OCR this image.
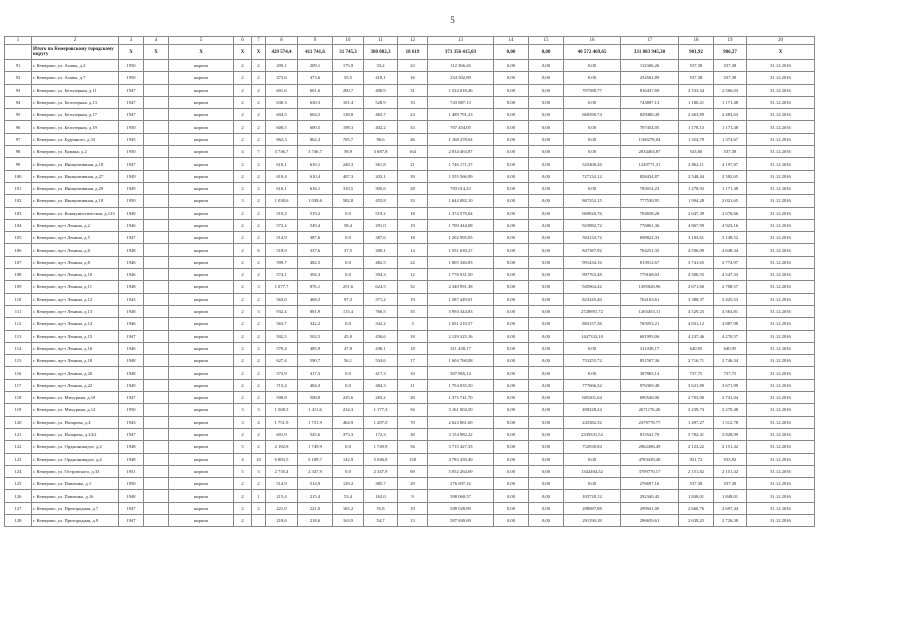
5
1	2	3	4	5	6	7	8	9	10	11	12	13	14	15	16	17	18	19	20
	Итого по Кемеровскому городскому округу	X	X	X	X	X	429 574,4	411 741,6	31 745,3	380 082,3	18 619	371 356 415,03	0,00	0,00	40 572 469,65	331 083 945,38	901,92	986,27	X
91	г. Кемерово, ул. Ахавы, д.2	1950		кирпич	2	2	209,1	209,1	175,9	33,2	23	112 366,26	0,00	0,00	0,00	112366,26	537,38	537,38	31.12.2016
92	г. Кемерово, ул. Ахавы, д.7	1950		кирпич	2	2	473,6	473,6	55,5	418,1	16	254 502,89	0,00	0,00	0,00	254502,89	537,38	537,38	31.12.2016
93	г. Кемерово, ул. Белозерная, д.11	1947		кирпич	2	2	601,6	601,6	200,7	400,9	31	1 524 018,46	0,00	0,00	707580,77	816437,69	2 533,34	2 566,03	31.12.2016
94	г. Кемерово, ул. Белозерная, д.13	1947		кирпич	2	2	630,3	630,3	101,4	528,9	33	743 887,13	0,00	0,00	0,00	743887,13	1 180,21	1 171,48	31.12.2016
95	г. Кемерово, ул. Белозерная, д.17	1947		кирпич	2	2	604,5	604,5	138,8	465,7	24	1 489 791,23	0,00	0,00	660390,74	829400,49	2 463,89	2 483,63	31.12.2016
96	г. Кемерово, ул. Белозерная, д.19	1950		кирпич	2	2	600,5	600,5	198,3	402,2	33	707 454,05	0,00	0,00	0,00	707454,05	1 178,13	1 171,48	31.12.2016
97	г. Кемерово, ул. Буденного, д.33	1945		кирпич	2	2	862,3	862,3	765,7	96,6	46	1 168 278,04	0,00	0,00	0,00	1168278,04	1 354,79	1 374,67	31.12.2016
98	г. Кемерово, ул. Ермака, д.2	1950		кирпич	4	7	3 746,7	3 746,7	58,9	3 687,8	164	2 034 463,87	0,00	0,00	0,00	2034463,87	543,00	537,38	31.12.2016
99	г. Кемерово, ул. Инициативная, д.18	1947		кирпич	2	2	610,1	610,1	248,3	361,8	21	1 746 171,37	0,00	0,00	525400,26	1220771,31	2 862,11	4 197,87	31.12.2016
100	г. Кемерово, ул. Инициативная, д.27	1949		кирпич	2	2	610,4	610,4	407,3	203,1	39	1 555 566,99	0,00	0,00	727132,12	828434,87	2 548,44	2 582,65	31.12.2016
101	г. Кемерово, ул. Инициативная, д.29	1949		кирпич	2	2	616,1	616,1	310,5	305,6	28	783 014,23	0,00	0,00	0,00	783014,23	1 270,92	1 171,48	31.12.2016
102	г. Кемерово, ул. Инициативная, д.18	1950		кирпич	3	2	1 038,6	1 038,6	582,8	455,8	33	1 644 882,10	0,00	0,00	867352,15	777530,95	1 904,28	2 021,65	31.12.2016
103	г. Кемерово, ул. Коммунистическая, д.133	1949		кирпич	2	2	519,2	519,2	0,0	519,2	18	1 374 579,04	0,00	0,00	669920,76	704658,28	2 647,49	2 676,66	31.12.2016
104	г. Кемерово, пр-т Ленина, д.2	1946		кирпич	2	2	572,4	549,4	58,4	291,0	19	1 700 444,08	0,00	0,00	923982,72	776861,36	4 867,99	4 923,16	31.12.2016
105	г. Кемерово, пр-т Ленина, д.5	1947		кирпич	2	2	514,9	387,6	0,0	387,6	18	1 202 995,05	0,00	0,00	504133,72	698822,33	3 103,61	3 148,52	31.12.2016
106	г. Кемерово, пр-т Ленина, д.6	1948		кирпич	2	6	518,9	337,6	37,5	300,1	14	1 551 639,27	0,00	0,00	847387,92	704251,35	4 596,09	4 648,34	31.12.2016
107	г. Кемерово, пр-т Ленина, д.8	1946		кирпич	2	2	599,7	482,5	0,0	482,5	22	1 805 346,83	0,00	0,00	991434,16	813912,67	3 741,65	3 774,97	31.12.2016
108	г. Кемерово, пр-т Ленина, д.10	1946		кирпич	2	2	574,1	394,3	0,0	394,3	12	1 776 931,50	0,00	0,00	997763,48	779168,02	4 506,55	4 547,33	31.12.2016
109	г. Кемерово, пр-т Ленина, д.11	1948		кирпич	2	3	1 077,7	876,1	251,6	624,5	32	2 340 991,38	0,00	0,00	945964,42	1395026,96	2 671,60	2 708,57	31.12.2016
110	г. Кемерово, пр-т Ленина, д.12	1943		кирпич	2	2	563,0	468,5	97,3	371,2	19	1 587 449,01	0,00	0,00	823345,40	764103,61	3 388,37	3 425,53	31.12.2016
111	г. Кемерово, пр-т Ленина, д.13	1948		кирпич	2	3	932,4	881,9	115,4	766,5	35	3 994 344,83	0,00	0,00	2728891,72	1265453,11	4 529,25	4 563,81	31.12.2016
112	г. Кемерово, пр-т Ленина, д.14	1946		кирпич	2	2	563,7	342,2	0,0	342,2	3	1 651 210,57	0,00	0,00	883157,36	765053,21	4 831,12	4 887,98	31.12.2016
113	г. Кемерово, пр-т Ленина, д.15	1947		кирпич	2	2	502,5	502,5	45,9	456,6	18	2 129 325,16	0,00	0,00	1447332,10	681993,06	4 237,46	4 270,57	31.12.2016
114	г. Кемерово, пр-т Ленина, д.16	1946		кирпич	2	2	579,4	485,9	47,8	438,1	18	311 438,17	0,00	0,00	0,00	311438,17	640,95	640,95	31.12.2016
115	г. Кемерово, пр-т Ленина, д.18	1948		кирпич	2	2	627,4	590,7	56,1	534,6	17	1 604 768,08	0,00	0,00	753255,72	851507,36	2 716,71	2 746,34	31.12.2016
116	г. Кемерово, пр-т Ленина, д.20	1948		кирпич	2	2	573,9	417,3	0,0	417,3	10	307 865,14	0,00	0,00	0,00	307865,14	737,75	737,75	31.12.2016
117	г. Кемерово, пр-т Ленина, д.22	1949		кирпич	2	2	715,4	484,3	0,0	484,3	11	1 754 035,50	0,00	0,00	777666,32	976369,48	3 621,80	3 671,99	31.12.2016
118	г. Кемерово, ул. Мичурина, д.10	1947		кирпич	2	2	508,8	508,8	225,6	283,2	20	1 375 741,70	0,00	0,00	685201,64	690540,06	2 703,90	2 741,04	31.12.2016
119	г. Кемерово, ул. Мичурина, д.12	1950		кирпич	3	3	1 568,3	1 411,6	234,3	1 177,3	56	3 161 004,50	0,00	0,00	499228,24	2671176,26	2 239,73	2 270,48	31.12.2016
120	г. Кемерово, ул. Назарова, д.4	1943		кирпич	3	4	1 751,9	1 751,9	464,9	1 287,0	70	2 623 861,69	0,00	0,00	245382,32	2378778,77	1 497,27	1 512,78	31.12.2016
121	г. Кемерово, ул. Назарова, д.24/2	1947		кирпич	2	2	601,9	545,6	373,3	172,3	30	3 154 982,22	0,00	0,00	2339331,52	815541,70	5 782,41	5 828,99	31.12.2016
122	г. Кемерово, ул. Орджоникидзе, д.2	1948		кирпич	5	2	2 182,8	1 749,9	0,0	1 749,9	56	3 715 427,33	0,00	0,00	752930,84	2962496,49	2 123,22	2 151,42	31.12.2016
123	г. Кемерово, ул. Орджоникидзе, д.4	1948		кирпич	4	10	6 883,5	5 189,7	142,9	5 046,8	158	4 783 439,40	0,00	0,00	0,00	4783439,40	921,72	933,92	31.12.2016
124	г. Кемерово, ул. Островского, д.33	1951		кирпич	5	3	2 735,4	2 347,9	0,0	2 347,9	69	5 052 264,69	0,00	0,00	1342404,52	3709770,17	2 151,82	2 151,42	31.12.2016
125	г. Кемерово, ул. Павленко, д.1	1950		кирпич	2	2	514,9	514,9	129,2	385,7	29	276 697,16	0,00	0,00	0,00	276697,16	537,38	537,38	31.12.2016
126	г. Кемерово, ул. Павленко, д.16	1948		кирпич	2	1	215,4	215,4	53,4	162,0	9	398 060,57	0,00	0,00	105720,12	292340,45	1 848,01	1 848,01	31.12.2016
127	г. Кемерово, ул. Пригородная, д.7	1947		кирпич	2	2	221,0	221,0	165,2	55,8	10	588 028,89	0,00	0,00	288087,88	299941,00	2 660,76	2 697,44	31.12.2016
128	г. Кемерово, ул. Пригородная, д.9	1947		кирпич	2		218,6	218,6	163,9	54,7	13	587 849,69	0,00	0,00	291190,18	296659,61	2 639,25	2 726,38	31.12.2016
